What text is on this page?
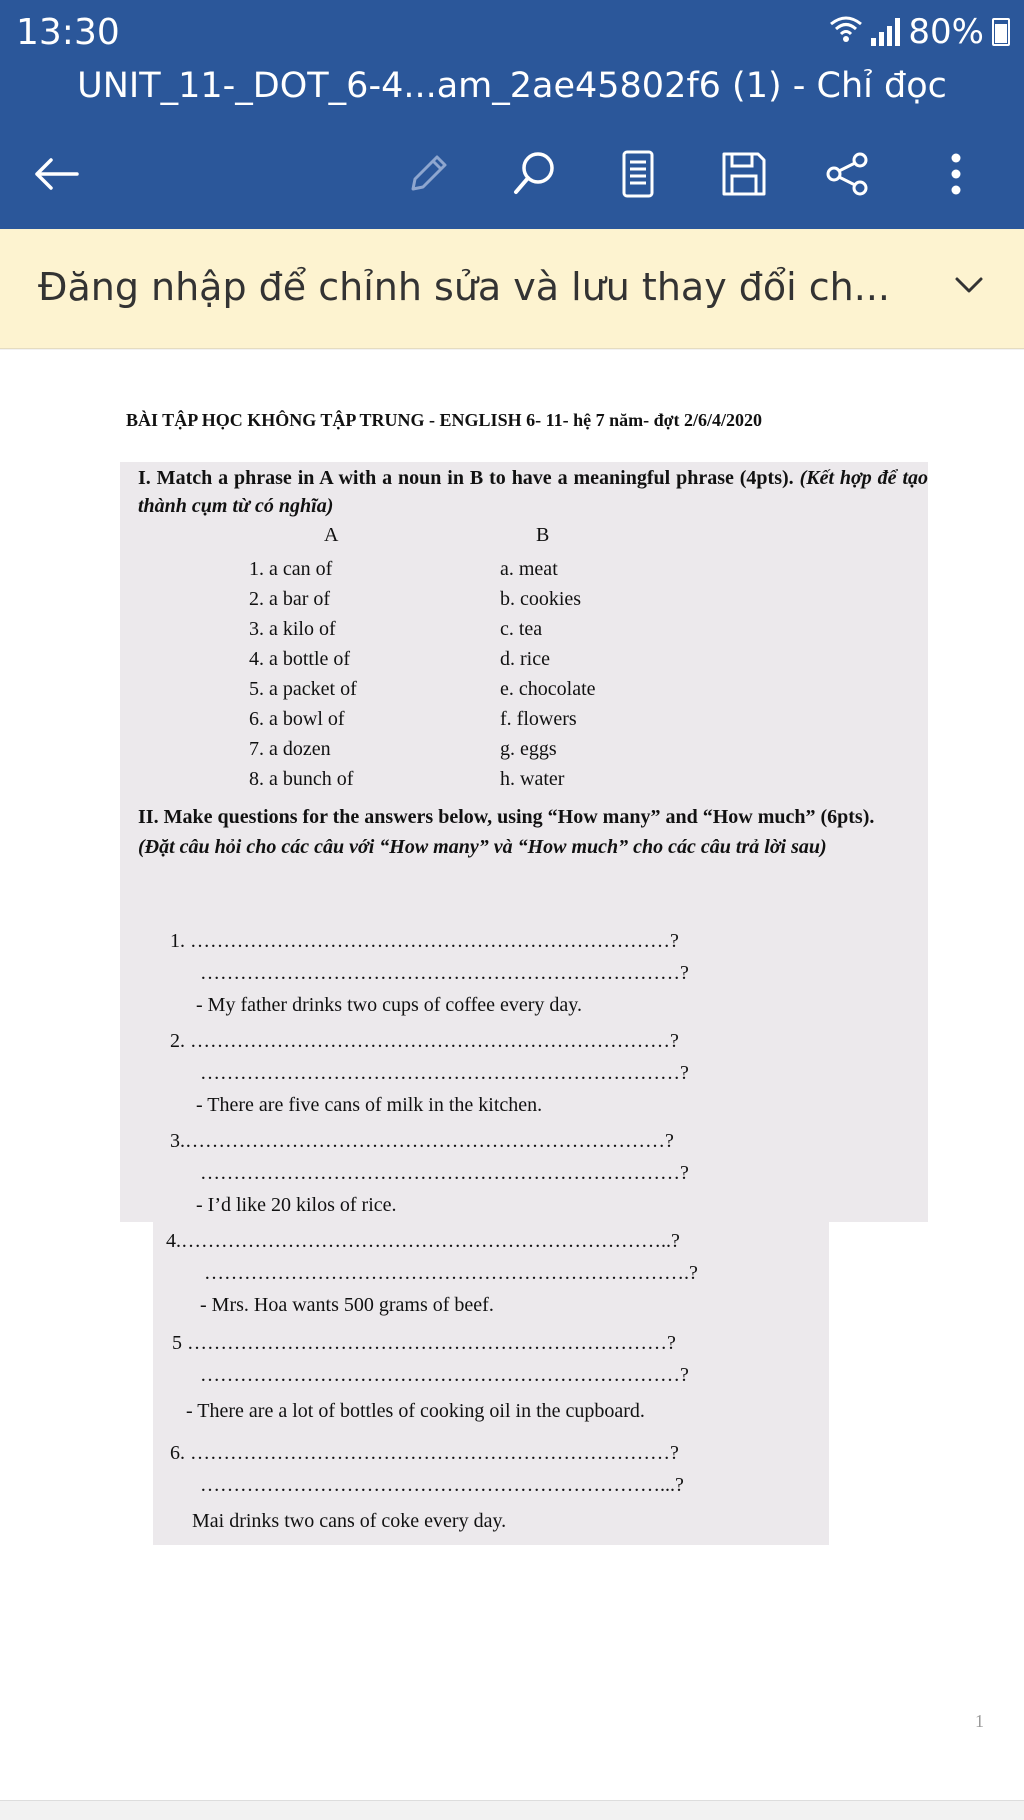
13:30	80%
UNIT_11-_DOT_6-4...am_2ae45802f6 (1) - Chỉ đọc
Đăng nhập để chỉnh sửa và lưu thay đổi ch...
BÀI TẬP HỌC KHÔNG TẬP TRUNG - ENGLISH 6- 11- hệ 7 năm- đợt 2/6/4/2020
I. Match a phrase in A with a noun in B to have a meaningful phrase (4pts). (Kết hợp để tạo thành cụm từ có nghĩa)
A	B
1. a can of
2. a bar of
3. a kilo of
4. a bottle of
5. a packet of
6. a bowl of
7. a dozen
8. a bunch of
a. meat
b. cookies
c. tea
d. rice
e. chocolate
f. flowers
g. eggs
h. water
II. Make questions for the answers below, using “How many” and “How much” (6pts).
(Đặt câu hỏi cho các câu với “How many” và “How much” cho các câu trả lời sau)
1. ………………………………………………………………?
………………………………………………………………?
- My father drinks two cups of coffee every day.
2. ………………………………………………………………?
………………………………………………………………?
- There are five cans of milk in the kitchen.
3.………………………………………………………………?
………………………………………………………………?
- I’d like 20 kilos of rice.
4.………………………………………………………………..?
……………………………………………………………….?
- Mrs. Hoa wants 500 grams of beef.
5 ………………………………………………………………?
………………………………………………………………?
- There are a lot of bottles of cooking oil in the cupboard.
6. ………………………………………………………………?
……………………………………………………………...?
Mai drinks two cans of coke every day.
1
